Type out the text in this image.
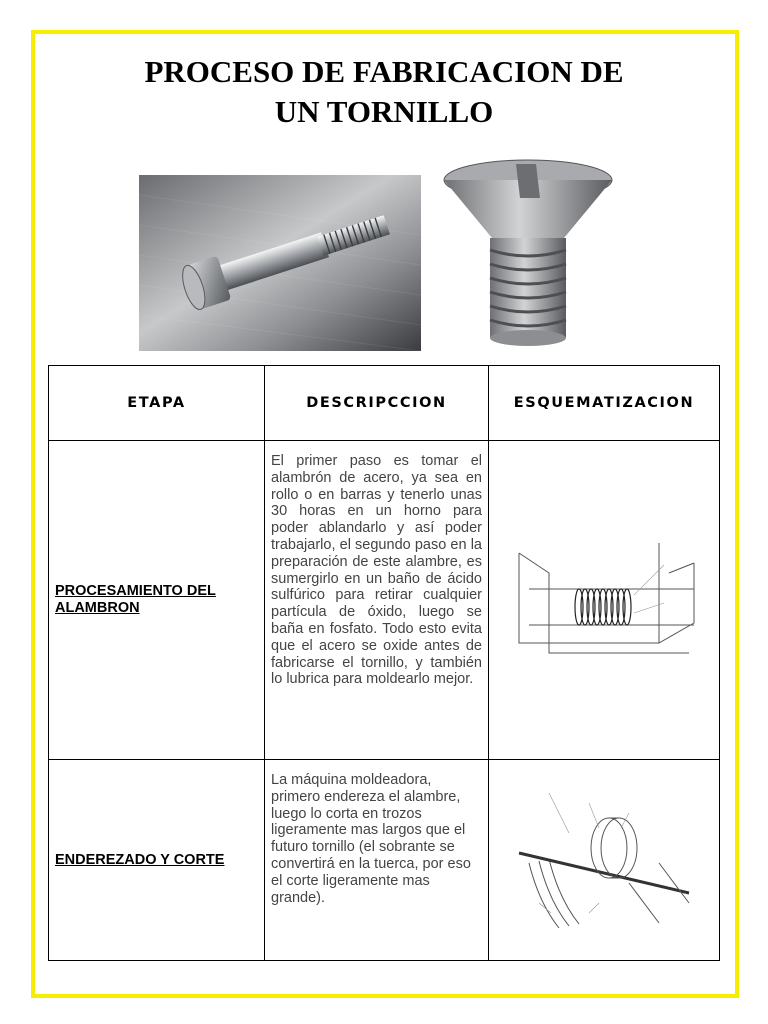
PROCESO DE FABRICACION DE
UN TORNILLO
ETAPA	DESCRIPCCION	ESQUEMATIZACION
PROCESAMIENTO DEL ALAMBRON	El primer paso es tomar el alambrón de acero, ya sea en rollo o en barras y tenerlo unas 30 horas en un horno para poder ablandarlo y así poder trabajarlo, el segundo paso en la preparación de este alambre, es sumergirlo en un baño de ácido sulfúrico para retirar cualquier partícula de óxido, luego se baña en fosfato. Todo esto evita que el acero se oxide antes de fabricarse el tornillo, y también lo lubrica para moldearlo mejor.	
ENDEREZADO Y CORTE	La máquina moldeadora, primero endereza el alambre, luego lo corta en trozos ligeramente mas largos que el futuro tornillo (el sobrante se convertirá en la tuerca, por eso el corte ligeramente mas grande).	
